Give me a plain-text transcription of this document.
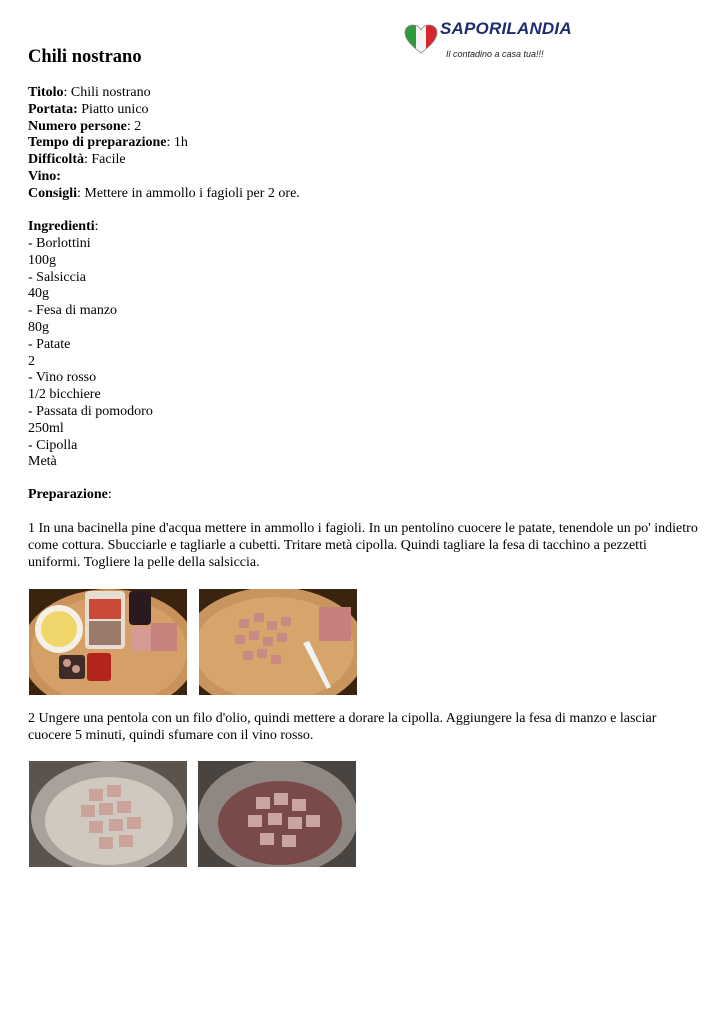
SAPORILANDIA
Il contadino a casa tua!!!
Chili nostrano
Titolo: Chili nostrano
Portata: Piatto unico
Numero persone: 2
Tempo di preparazione: 1h
Difficoltà: Facile
Vino:
Consigli: Mettere in ammollo i fagioli per 2 ore.
Ingredienti:
- Borlottini
100g
- Salsiccia
40g
- Fesa di manzo
80g
- Patate
2
- Vino rosso
1/2 bicchiere
- Passata di pomodoro
250ml
- Cipolla
Metà
Preparazione:

1 In una bacinella pine d'acqua mettere in ammollo i fagioli. In un pentolino cuocere le patate, tenendole un po' indietro come cottura. Sbucciarle e tagliarle a cubetti. Tritare metà cipolla. Quindi tagliare la fesa di tacchino a pezzetti uniformi. Togliere la pelle della salsiccia.

2 Ungere una pentola con un filo d'olio, quindi mettere a dorare la cipolla. Aggiungere la fesa di manzo e lasciar cuocere 5 minuti, quindi sfumare con il vino rosso.
